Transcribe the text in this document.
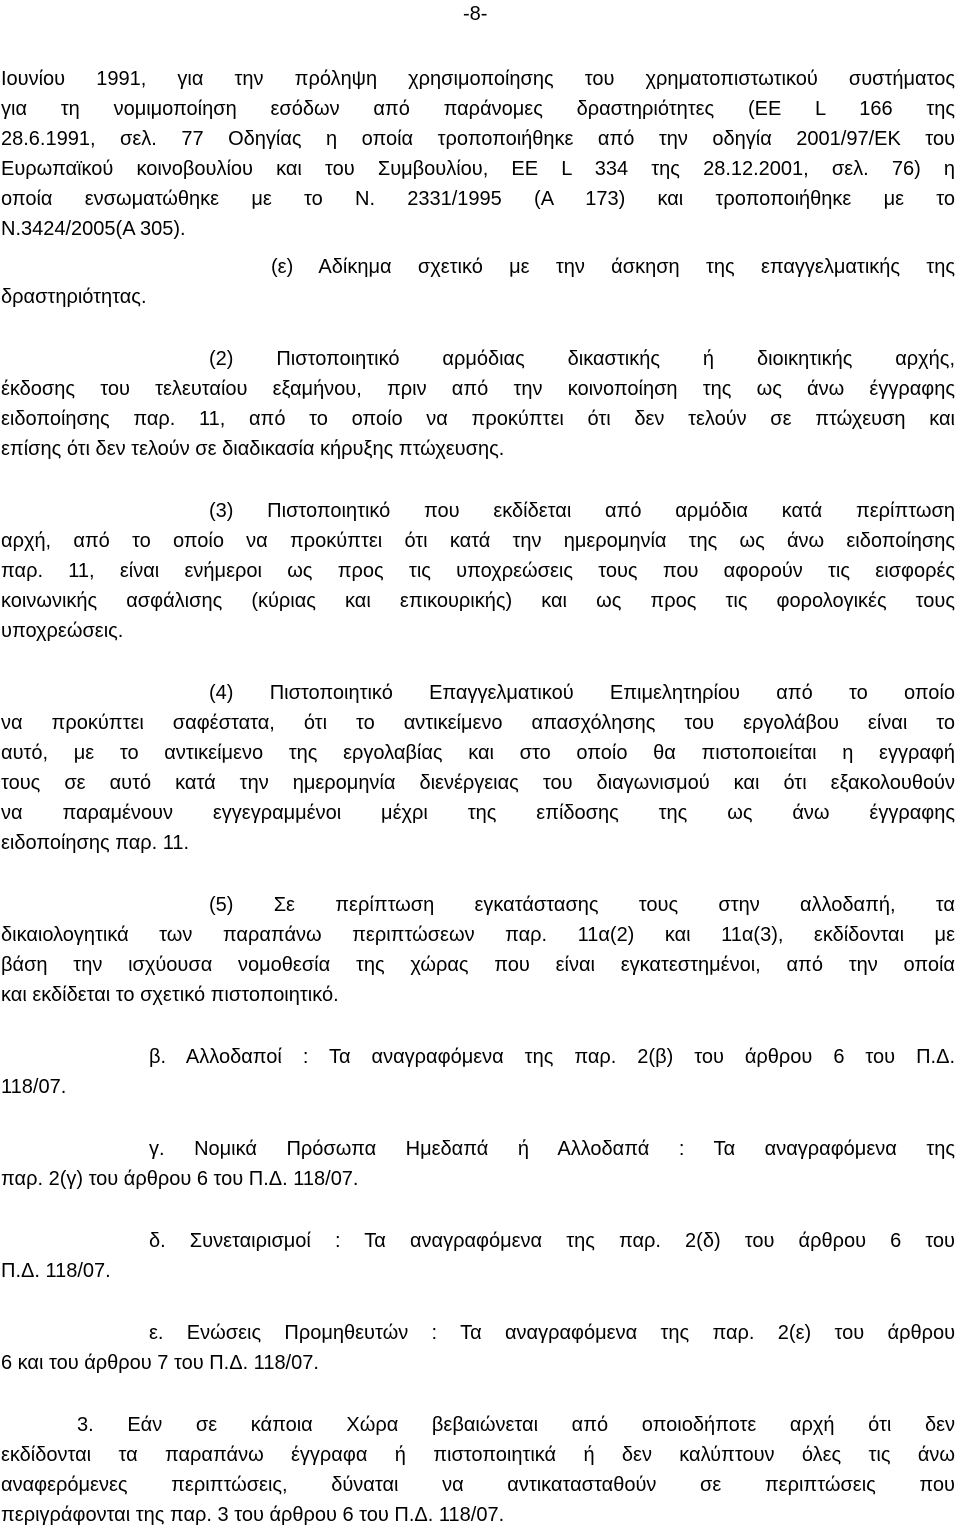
-8-
Ιουνίου 1991, για την πρόληψη χρησιμοποίησης του χρηματοπιστωτικού συστήματος
για τη νομιμοποίηση εσόδων από παράνομες δραστηριότητες (ΕΕ L 166 της
28.6.1991, σελ. 77 Οδηγίας η οποία τροποποιήθηκε από την οδηγία 2001/97/ΕΚ του
Ευρωπαϊκού κοινοβουλίου και του Συμβουλίου, ΕΕ L 334 της 28.12.2001, σελ. 76) η
οποία ενσωματώθηκε με το Ν. 2331/1995 (Α 173) και τροποποιήθηκε με το
Ν.3424/2005(Α 305).
(ε) Αδίκημα σχετικό με την άσκηση της επαγγελματικής της
δραστηριότητας.
(2) Πιστοποιητικό αρμόδιας δικαστικής ή διοικητικής αρχής,
έκδοσης του τελευταίου εξαμήνου, πριν από την κοινοποίηση της ως άνω έγγραφης
ειδοποίησης παρ. 11, από το οποίο να προκύπτει ότι δεν τελούν σε πτώχευση και
επίσης ότι δεν τελούν σε διαδικασία κήρυξης πτώχευσης.
(3) Πιστοποιητικό που εκδίδεται από αρμόδια κατά περίπτωση
αρχή, από το οποίο να προκύπτει ότι κατά την ημερομηνία της ως άνω ειδοποίησης
παρ. 11, είναι ενήμεροι ως προς τις υποχρεώσεις τους που αφορούν τις εισφορές
κοινωνικής ασφάλισης (κύριας και επικουρικής) και ως προς τις φορολογικές τους
υποχρεώσεις.
(4) Πιστοποιητικό Επαγγελματικού Επιμελητηρίου από το οποίο
να προκύπτει σαφέστατα, ότι το αντικείμενο απασχόλησης του εργολάβου είναι το
αυτό, με το αντικείμενο της εργολαβίας και στο οποίο θα πιστοποιείται η εγγραφή
τους σε αυτό κατά την ημερομηνία διενέργειας του διαγωνισμού και ότι εξακολουθούν
να παραμένουν εγγεγραμμένοι μέχρι της επίδοσης της ως άνω έγγραφης
ειδοποίησης παρ. 11.
(5) Σε περίπτωση εγκατάστασης τους στην αλλοδαπή, τα
δικαιολογητικά των παραπάνω περιπτώσεων παρ. 11α(2) και 11α(3), εκδίδονται με
βάση την ισχύουσα νομοθεσία της χώρας που είναι εγκατεστημένοι, από την οποία
και εκδίδεται το σχετικό πιστοποιητικό.
β. Αλλοδαποί : Τα αναγραφόμενα της παρ. 2(β) του άρθρου 6 του Π.Δ.
118/07.
γ. Νομικά Πρόσωπα Ημεδαπά ή Αλλοδαπά : Τα αναγραφόμενα της
παρ. 2(γ) του άρθρου 6 του Π.Δ. 118/07.
δ. Συνεταιρισμοί : Τα αναγραφόμενα της παρ. 2(δ) του άρθρου 6 του
Π.Δ. 118/07.
ε. Ενώσεις Προμηθευτών : Τα αναγραφόμενα της παρ. 2(ε) του άρθρου
6 και του άρθρου 7 του Π.Δ. 118/07.
3. Εάν σε κάποια Χώρα βεβαιώνεται από οποιοδήποτε αρχή ότι δεν
εκδίδονται τα παραπάνω έγγραφα ή πιστοποιητικά ή δεν καλύπτουν όλες τις άνω
αναφερόμενες περιπτώσεις, δύναται να αντικατασταθούν σε περιπτώσεις που
περιγράφονται της παρ. 3 του άρθρου 6 του Π.Δ. 118/07.
